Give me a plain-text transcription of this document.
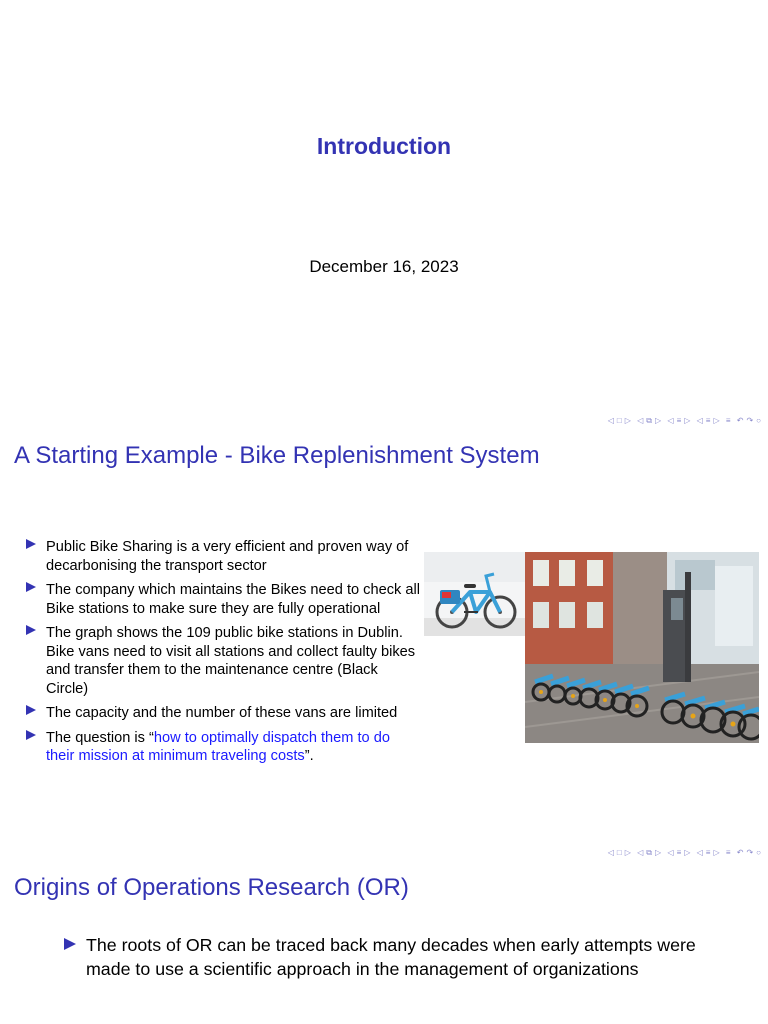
Introduction
December 16, 2023
◁ □ ▷ ◁ ⧉ ▷ ◁ ≡ ▷ ◁ ≡ ▷ ≡ ↶ ↷ ○
A Starting Example - Bike Replenishment System
Public Bike Sharing is a very efficient and proven way of decarbonising the transport sector
The company which maintains the Bikes need to check all Bike stations to make sure they are fully operational
The graph shows the 109 public bike stations in Dublin. Bike vans need to visit all stations and collect faulty bikes and transfer them to the maintenance centre (Black Circle)
The capacity and the number of these vans are limited
The question is “how to optimally dispatch them to do their mission at minimum traveling costs”.
◁ □ ▷ ◁ ⧉ ▷ ◁ ≡ ▷ ◁ ≡ ▷ ≡ ↶ ↷ ○
Origins of Operations Research (OR)
The roots of OR can be traced back many decades when early attempts were made to use a scientific approach in the management of organizations
